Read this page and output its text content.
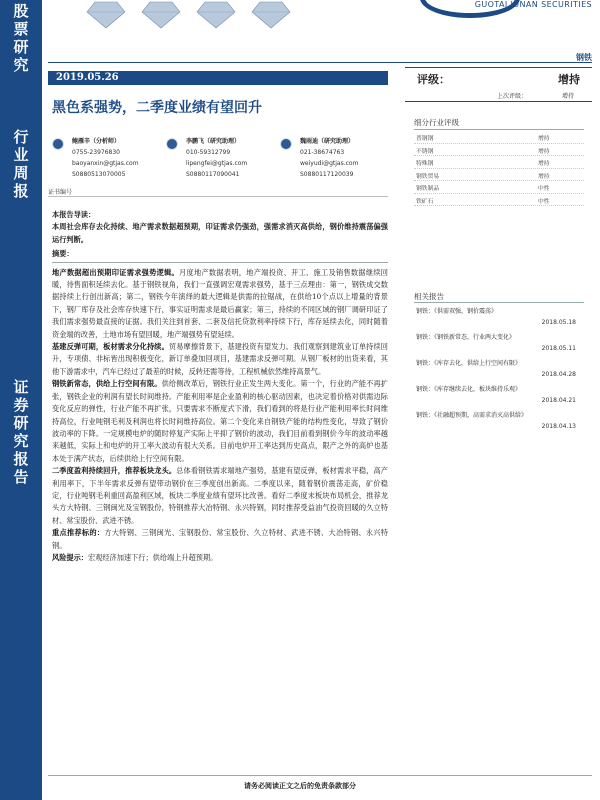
股
票
研
究
行
业
周
报
证
券
研
究
报
告
GUOTAI JUNAN SECURITIES
钢铁
2019.05.26
黑色系强势，二季度业绩有望回升
鲍雁辛（分析师）
0755-23976830
baoyanxin@gtjas.com
S0880513070005
李鹏飞（研究助理）
010-59312799
lipengfei@gtjas.com
S0880117090041
魏雨迪（研究助理）
021-38674763
weiyudi@gtjas.com
S0880117120039
证书编号

本报告导读：

本周社会库存去化持续、地产需求数据超预期，印证需求仍强劲，强需求消灭高供给，钢价维持震荡偏强运行判断。

摘要：

地产数据超出预期印证需求强势逻辑。月度地产数据表明，地产端投资、开工、施工及销售数据继续回暖，待售面积延续去化。基于钢铁视角，我们一直强调宏观需求强势，基于三点理由：第一，钢铁成交数据持续上行创出新高；第二，钢铁今年演绎的最大逻辑是供需的拉锯战，在供给10个点以上增量的背景下，钢厂库存及社会库存快速下行，事实证明需求是最后赢家；第三，持续的不同区域的钢厂调研印证了我们需求强势最直接的证据。我们关注到首套、二套及信托贷款利率持续下行，库存延续去化，同时随着资金端的改善，土地市场有望回暖，地产端强势有望延续。

基建反弹可期，板材需求分化持续。贸易摩擦背景下，基建投资有望发力。我们观察到建筑业订单持续回升，专项债、非标皆出现积极变化，新订单叠加回项目，基建需求反弹可期。从钢厂板材的出货来看，其他下游需求中，汽车已经过了最差的时候，反转还需等待，工程机械依然维持高景气。

钢铁新常态，供给上行空间有限。供给侧改革后，钢铁行业正发生两大变化。第一个，行业的产能不再扩张，钢铁企业的利润有望长时间维持。产能利用率是企业盈利的核心驱动因素，也决定着价格对供需边际变化反应的弹性，行业产能不再扩张，只要需求不断度式下滑，我们看到的将是行业产能利用率长时间维持高位，行业吨钢毛利及利润也将长时间维持高位。第二个变化来自钢铁产能的结构性变化，导致了钢价波动率的下降。一定规模电炉的随时停复产实际上平抑了钢价的波动，我们目前看到钢价今年的波动率越来越低，实际上和电炉的开工率大波动有很大关系。目前电炉开工率达到历史高点，限产之外的高炉也基本处于满产状态，后续供给上行空间有限。

二季度盈利持续回升，推荐板块龙头。总体看钢铁需求端地产强势，基建有望反弹，板材需求平稳，高产利用率下，下半年需求反弹有望带动钢价在三季度创出新高。二季度以来，随着钢价震荡走高，矿价稳定，行业吨钢毛利重回高盈利区域，板块二季度业绩有望环比改善。看好二季度末板块布局机会，推荐龙头方大特钢、三钢闽光及宝钢股份，特钢推荐大冶特钢、永兴特钢，同时推荐受益油气投资回暖的久立特材、常宝股份、武进不锈。

重点推荐标的：方大特钢、三钢闽光、宝钢股份、常宝股份、久立特材、武进不锈、大冶特钢、永兴特钢。

风险提示：宏观经济加速下行；供给端上升超预期。

评级：	增持
上次评级：	增持
细分行业评级
普钢钢	增持
不锈钢	增持
特殊钢	增持
钢铁贸易	增持
钢铁制品	中性
铁矿石	中性
相关报告
钢铁：《供需双强，钢价震荡》
2018.05.18
钢铁：《钢铁新常态，行业两大变化》
2018.05.11
钢铁：《库存去化，供给上行空间有限》
2018.04.28
钢铁：《库存继续去化，板块维持乐观》
2018.04.21
钢铁：《社融超预期，高需求消灭高供给》
2018.04.13
请务必阅读正文之后的免责条款部分
